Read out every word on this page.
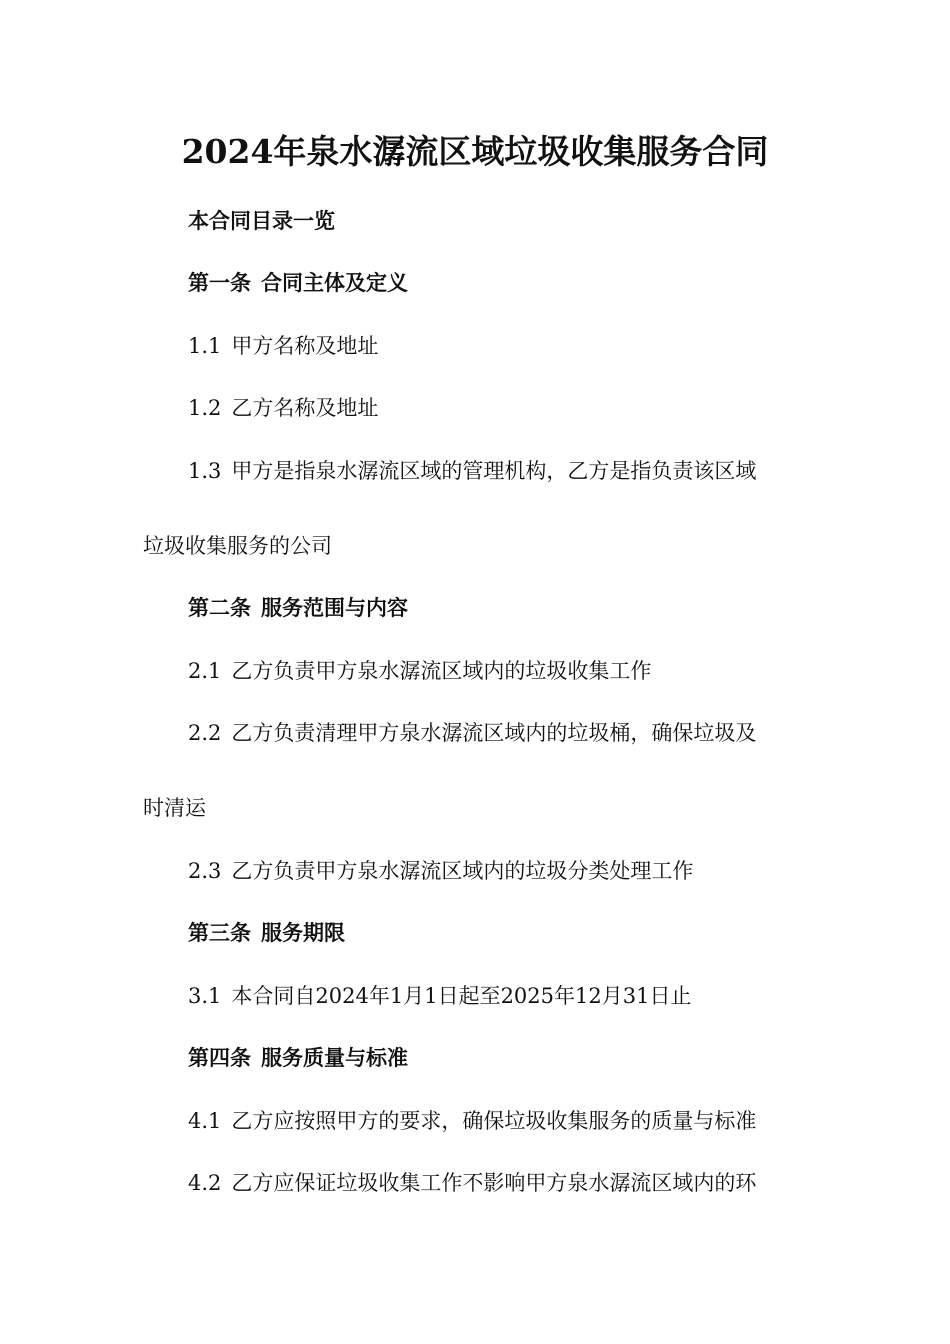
2024年泉水潺流区域垃圾收集服务合同

本合同目录一览

第一条 合同主体及定义

1.1 甲方名称及地址

1.2 乙方名称及地址

1.3 甲方是指泉水潺流区域的管理机构，乙方是指负责该区域

垃圾收集服务的公司

第二条 服务范围与内容

2.1 乙方负责甲方泉水潺流区域内的垃圾收集工作

2.2 乙方负责清理甲方泉水潺流区域内的垃圾桶，确保垃圾及

时清运

2.3 乙方负责甲方泉水潺流区域内的垃圾分类处理工作

第三条 服务期限

3.1 本合同自2024年1月1日起至2025年12月31日止

第四条 服务质量与标准

4.1 乙方应按照甲方的要求，确保垃圾收集服务的质量与标准

4.2 乙方应保证垃圾收集工作不影响甲方泉水潺流区域内的环
